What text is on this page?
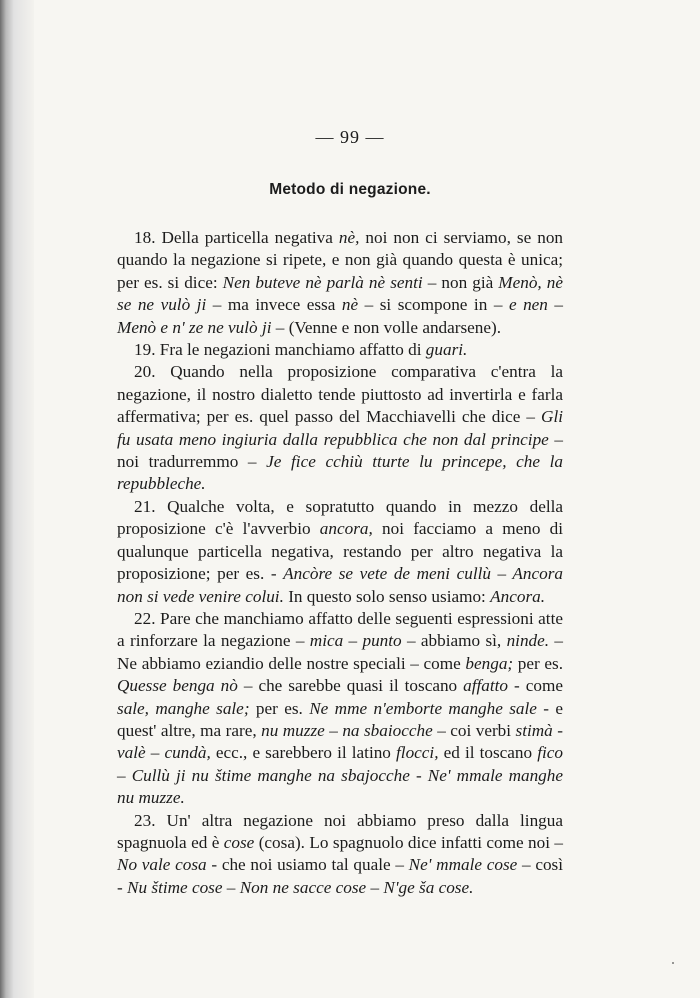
— 99 —
Metodo di negazione.

18. Della particella negativa nè, noi non ci serviamo, se non quando la negazione si ripete, e non già quando questa è unica; per es. si dice: Nen buteve nè parlà nè senti – non già Menò, nè se ne vulò ji – ma invece essa nè – si scompone in – e nen – Menò e n' ze ne vulò ji – (Venne e non volle andarsene).

19. Fra le negazioni manchiamo affatto di guari.

20. Quando nella proposizione comparativa c'entra la negazione, il nostro dialetto tende piuttosto ad invertirla e farla affermativa; per es. quel passo del Macchiavelli che dice – Gli fu usata meno ingiuria dalla repubblica che non dal principe – noi tradurremmo – Je fice cchiù tturte lu princepe, che la repubbleche.

21. Qualche volta, e sopratutto quando in mezzo della proposizione c'è l'avverbio ancora, noi facciamo a meno di qualunque particella negativa, restando per altro negativa la proposizione; per es. - Ancòre se vete de meni cullù – Ancora non si vede venire colui. In questo solo senso usiamo: Ancora.

22. Pare che manchiamo affatto delle seguenti espressioni atte a rinforzare la negazione – mica – punto – abbiamo sì, ninde. – Ne abbiamo eziandio delle nostre speciali – come benga; per es. Quesse benga nò – che sarebbe quasi il toscano affatto - come sale, manghe sale; per es. Ne mme n'emborte manghe sale - e quest' altre, ma rare, nu muzze – na sbaiocche – coi verbi stimà - valè – cundà, ecc., e sarebbero il latino flocci, ed il toscano fico – Cullù ji nu štime manghe na sbajocche - Ne' mmale manghe nu muzze.

23. Un' altra negazione noi abbiamo preso dalla lingua spagnuola ed è cose (cosa). Lo spagnuolo dice infatti come noi – No vale cosa - che noi usiamo tal quale – Ne' mmale cose – così - Nu štime cose – Non ne sacce cose – N'ge ša cose.
